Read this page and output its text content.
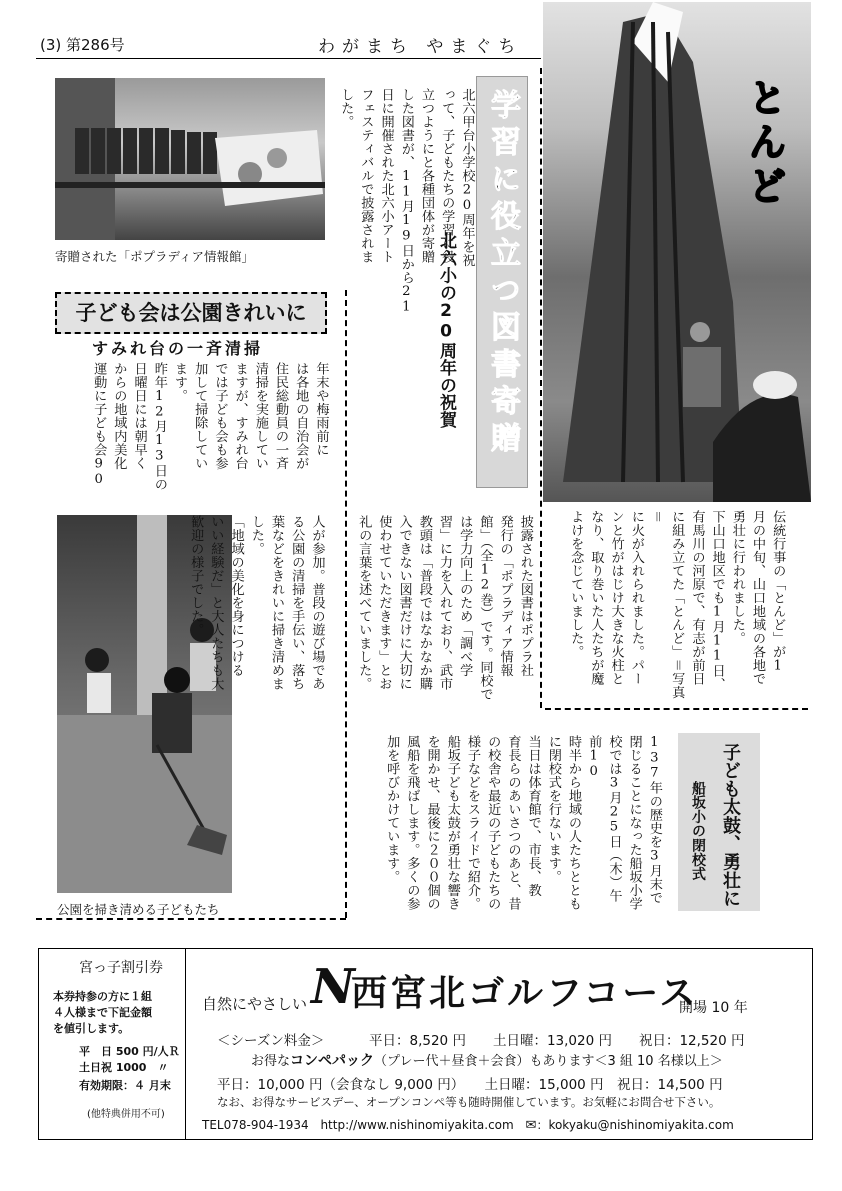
(3) 第286号	わがまち やまぐち
寄贈された「ポプラディア情報館」	北六甲台小学校20周年を祝
って、子どもたちの学習に役
立つようにと各種団体が寄贈
した図書が、11月19日から21
日に開催された北六小アート
フェスティバルで披露されま
した。
北六小の20周年の祝賀 学習に役立つ図書寄贈	とんど
伝統行事の「とんど」が1
月の中旬、山口地域の各地で
勇壮に行われました。
下山口地区でも1月11日、
有馬川の河原で、有志が前日
に組み立てた「とんど」＝写真＝
に火が入れられました。パー
ンと竹がはじけ大きな火柱と
なり、取り巻いた人たちが魔
よけを念じていました。
子ども会は公園きれいに
すみれ台の一斉清掃
年末や梅雨前に
は各地の自治会が
住民総動員の一斉
清掃を実施してい
ますが、すみれ台
では子ども会も参
加して掃除してい
ます。
昨年12月13日の
日曜日には朝早く
からの地域内美化
運動に子ども会90
公園を掃き清める子どもたち
人が参加。普段の遊び場であ
る公園の清掃を手伝い、落ち
葉などをきれいに掃き清めま
した。
「地域の美化を身につける
いい経験だ」と大人たちも大
歓迎の様子でした。	披露された図書はポプラ社
発行の「ポプラディア情報
館」（全12巻）です。同校で
は学力向上のため「調べ学
習」に力を入れており、武市
教頭は「普段ではなかなか購
入できない図書だけに大切に
使わせていただきます」とお
礼の言葉を述べていました。
137年の歴史を3月末で
閉じることになった船坂小学
校では3月25日（木）午前10
時半から地域の人たちととも
に閉校式を行ないます。
当日は体育館で、市長、教
育長らのあいさつのあと、昔
の校舎や最近の子どもたちの
様子などをスライドで紹介。
船坂子ども太鼓が勇壮な響き
を開かせ、最後に２００個の
風船を飛ばします。多くの参
加を呼びかけています。	子ども太鼓、勇壮に
船坂小の閉校式
宮っ子割引券
本券持参の方に１組
４人様まで下記金額
を値引します。
平　日 500 円/人Ｒ
土日祝 1000　〃
有効期限：４ 月末
(他特典併用不可)
自然にやさしい N
西宮北ゴルフコース
開場 10 年
＜シーズン料金＞	平日：8,520 円　　土日曜：13,020 円　　祝日：12,520 円
お得なコンペパック（プレー代＋昼食＋会食）もあります＜3 組 10 名様以上＞
平日：10,000 円（会食なし 9,000 円）　　土日曜：15,000 円　祝日：14,500 円
なお、お得なサービスデー、オープンコンペ等も随時開催しています。お気軽にお問合せ下さい。
TEL078-904-1934 http://www.nishinomiyakita.com ✉：kokyaku@nishinomiyakita.com
